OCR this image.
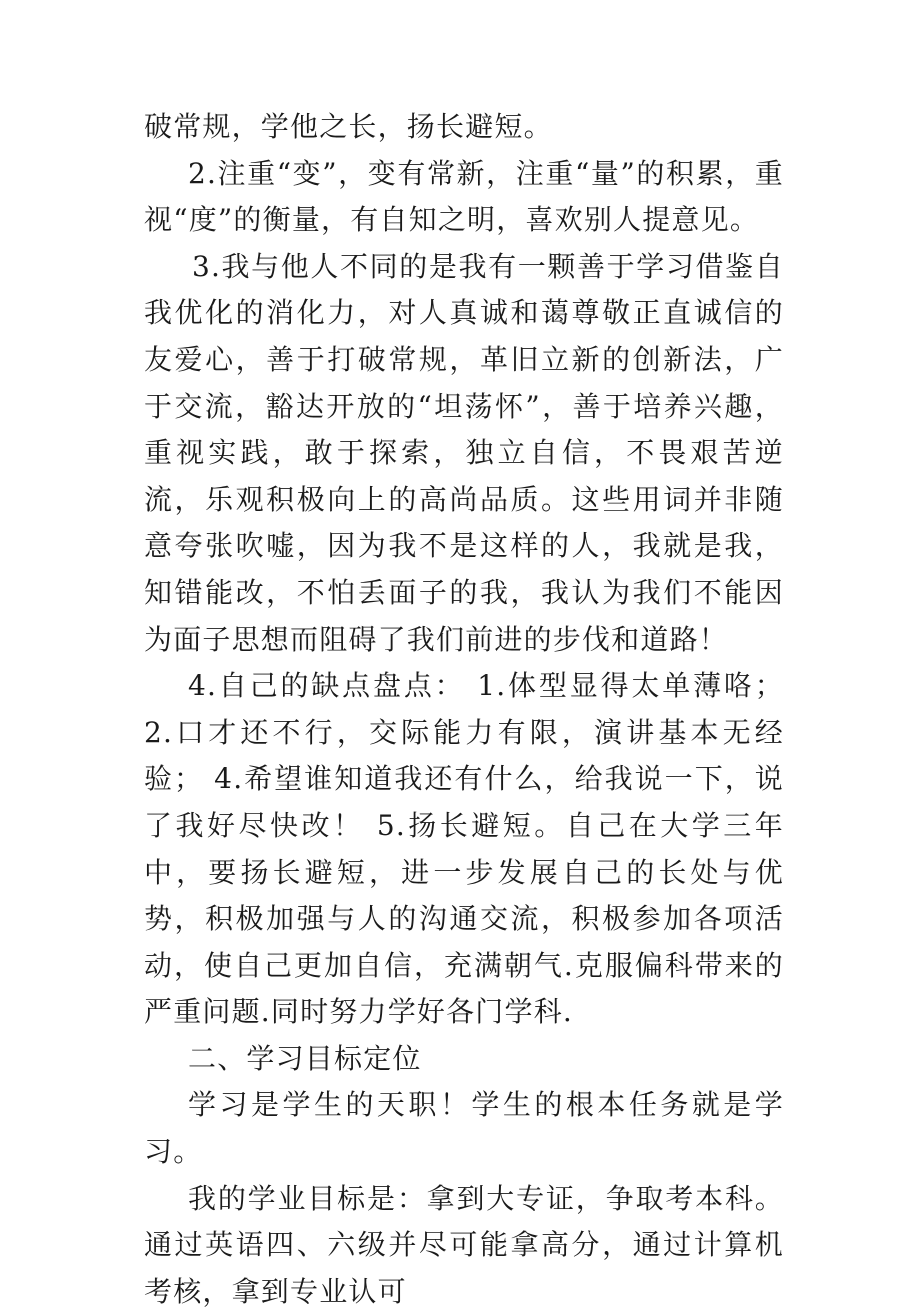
破常规，学他之长，扬长避短。

2.注重“变”，变有常新，注重“量”的积累，重视“度”的衡量，有自知之明，喜欢别人提意见。

3.我与他人不同的是我有一颗善于学习借鉴自我优化的消化力，对人真诚和蔼尊敬正直诚信的友爱心，善于打破常规，革旧立新的创新法，广于交流，豁达开放的“坦荡怀”，善于培养兴趣，重视实践，敢于探索，独立自信，不畏艰苦逆流，乐观积极向上的高尚品质。这些用词并非随意夸张吹嘘，因为我不是这样的人，我就是我，知错能改，不怕丢面子的我，我认为我们不能因为面子思想而阻碍了我们前进的步伐和道路！

4.自己的缺点盘点： 1.体型显得太单薄咯； 2.口才还不行，交际能力有限，演讲基本无经验； 4.希望谁知道我还有什么，给我说一下，说了我好尽快改！ 5.扬长避短。自己在大学三年中，要扬长避短，进一步发展自己的长处与优势，积极加强与人的沟通交流，积极参加各项活动，使自己更加自信，充满朝气.克服偏科带来的严重问题.同时努力学好各门学科.

二、学习目标定位

学习是学生的天职！学生的根本任务就是学习。

我的学业目标是：拿到大专证，争取考本科。通过英语四、六级并尽可能拿高分，通过计算机考核，拿到专业认可
